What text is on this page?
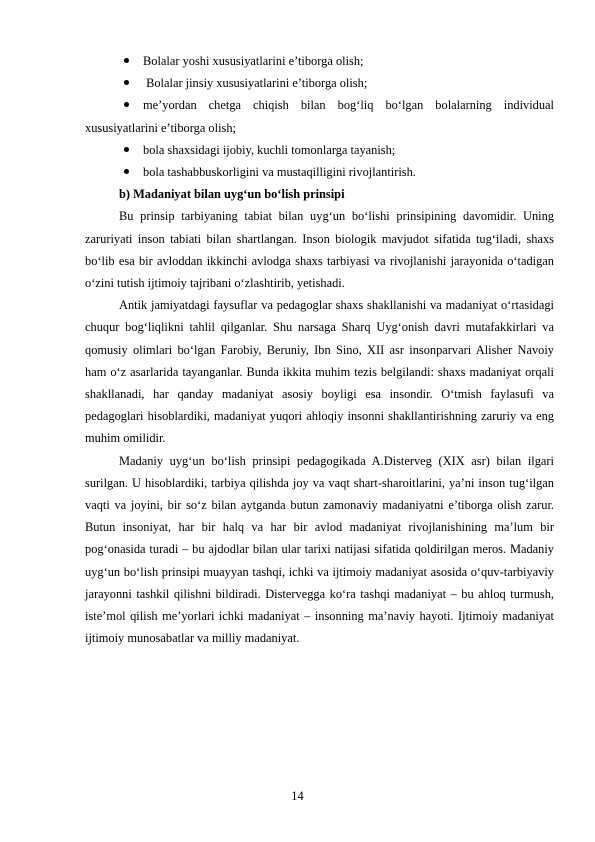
Bolalar yoshi xususiyatlarini e’tiborga olish;
Bolalar jinsiy xususiyatlarini e’tiborga olish;
me’yordan chetga chiqish bilan bog‘liq bo‘lgan bolalarning individual xususiyatlarini e’tiborga olish;
bola shaxsidagi ijobiy, kuchli tomonlarga tayanish;
bola tashabbuskorligini va mustaqilligini rivojlantirish.
b) Madaniyat bilan uyg‘un bo‘lish prinsipi

Bu prinsip tarbiyaning tabiat bilan uyg‘un bo‘lishi prinsipining davomidir. Uning zaruriyati inson tabiati bilan shartlangan. Inson biologik mavjudot sifatida tug‘iladi, shaxs bo‘lib esa bir avloddan ikkinchi avlodga shaxs tarbiyasi va rivojlanishi jarayonida o‘tadigan o‘zini tutish ijtimoiy tajribani o‘zlashtirib, yetishadi.

Antik jamiyatdagi faysuflar va pedagoglar shaxs shakllanishi va madaniyat o‘rtasidagi chuqur bog‘liqlikni tahlil qilganlar. Shu narsaga Sharq Uyg‘onish davri mutafakkirlari va qomusiy olimlari bo‘lgan Farobiy, Beruniy, Ibn Sino, XII asr insonparvari Alisher Navoiy ham o‘z asarlarida tayanganlar. Bunda ikkita muhim tezis belgilandi: shaxs madaniyat orqali shakllanadi, har qanday madaniyat asosiy boyligi esa insondir. O‘tmish faylasufi va pedagoglari hisoblardiki, madaniyat yuqori ahloqiy insonni shakllantirishning zaruriy va eng muhim omilidir.

Madaniy uyg‘un bo‘lish prinsipi pedagogikada A.Disterveg (XIX asr) bilan ilgari surilgan. U hisoblardiki, tarbiya qilishda joy va vaqt shart-sharoitlarini, ya’ni inson tug‘ilgan vaqti va joyini, bir so‘z bilan aytganda butun zamonaviy madaniyatni e’tiborga olish zarur. Butun insoniyat, har bir halq va har bir avlod madaniyat rivojlanishining ma’lum bir pog‘onasida turadi – bu ajdodlar bilan ular tarixi natijasi sifatida qoldirilgan meros. Madaniy uyg‘un bo‘lish prinsipi muayyan tashqi, ichki va ijtimoiy madaniyat asosida o‘quv-tarbiyaviy jarayonni tashkil qilishni bildiradi. Distervegga ko‘ra tashqi madaniyat – bu ahloq turmush, iste’mol qilish me’yorlari ichki madaniyat – insonning ma’naviy hayoti. Ijtimoiy madaniyat ijtimoiy munosabatlar va milliy madaniyat.

14
